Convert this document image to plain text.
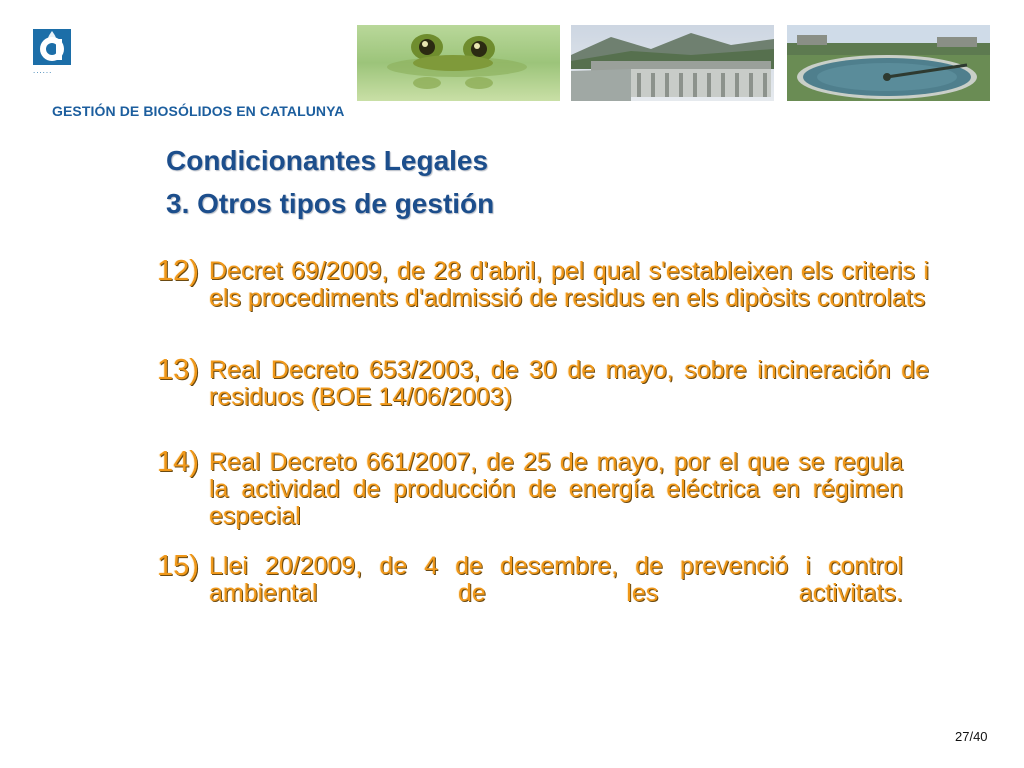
......
GESTIÓN DE BIOSÓLIDOS EN CATALUNYA
Condicionantes Legales
3. Otros tipos de gestión
12) Decret 69/2009, de 28 d'abril, pel qual s'estableixen els criteris i els procediments d'admissió de residus en els dipòsits controlats
13) Real Decreto 653/2003, de 30 de mayo, sobre incineración de residuos (BOE 14/06/2003)
14) Real Decreto 661/2007, de 25 de mayo, por el que se regula la actividad de producción de energía eléctrica en régimen especial
15) Llei 20/2009, de 4 de desembre, de prevenció i control ambiental de les activitats.
27/40
